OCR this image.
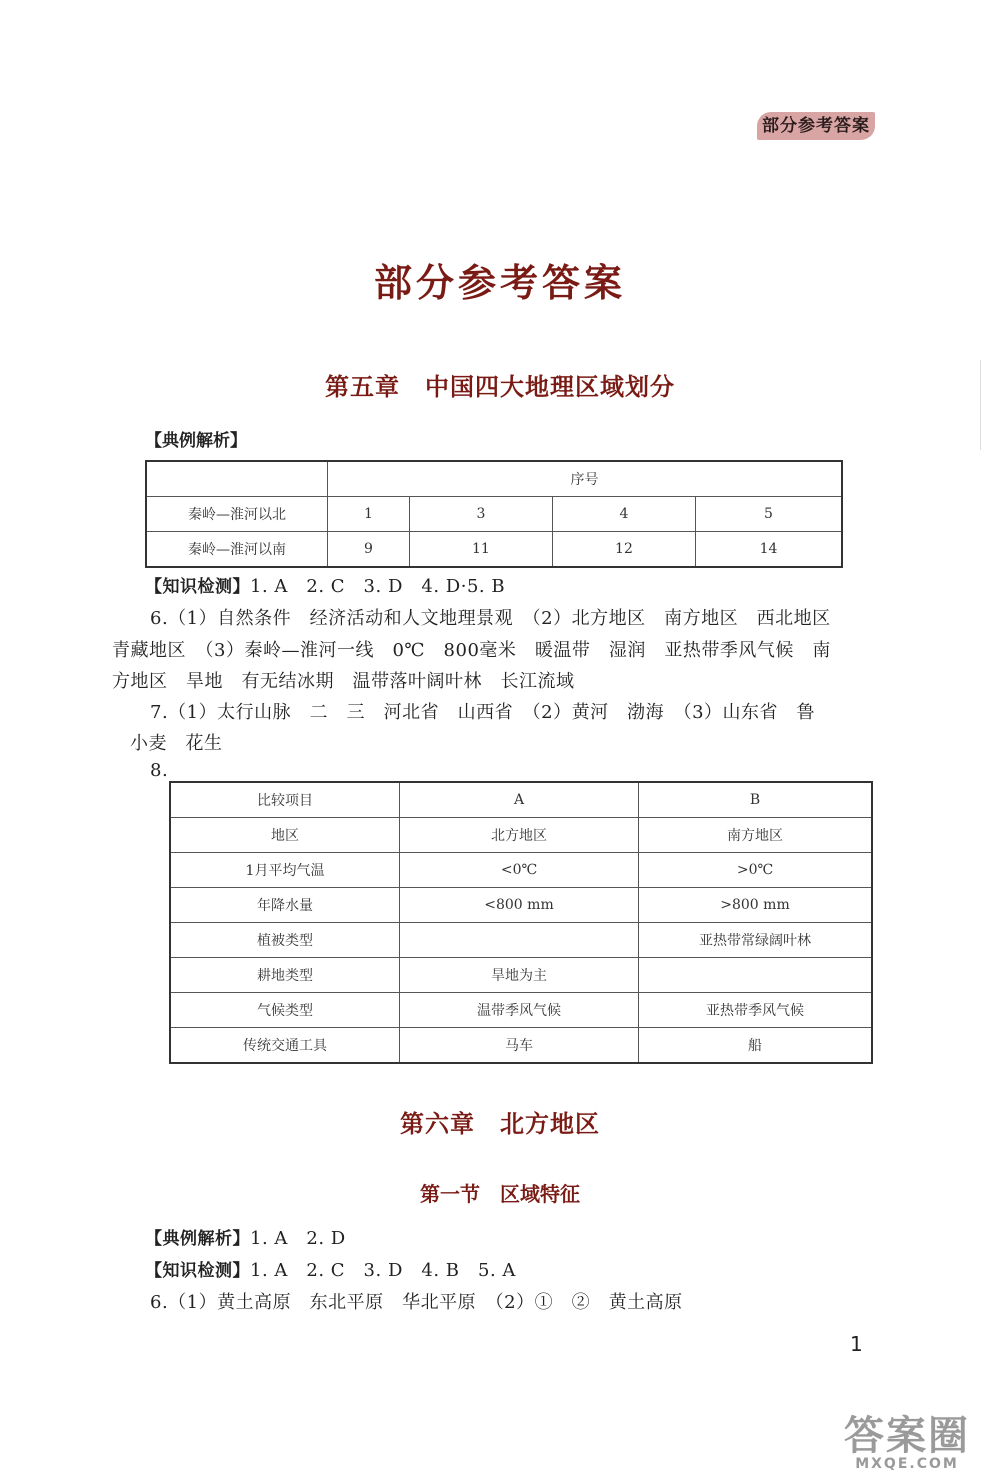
部分参考答案
部分参考答案
第五章　中国四大地理区域划分
【典例解析】
	序号			
秦岭—淮河以北	1	3	4	5
秦岭—淮河以南	9	11	12	14
【知识检测】1. A　2. C　3. D　4. D·5. B
6.（1）自然条件　经济活动和人文地理景观　（2）北方地区　南方地区　西北地区
青藏地区　（3）秦岭—淮河一线　0℃　800毫米　暖温带　湿润　亚热带季风气候　南
方地区　旱地　有无结冰期　温带落叶阔叶林　长江流域
7.（1）太行山脉　二　三　河北省　山西省　（2）黄河　渤海　（3）山东省　鲁
小麦　花生
8.
比较项目	A	B
地区	北方地区	南方地区
1月平均气温	<0℃	>0℃
年降水量	<800 mm	>800 mm
植被类型		亚热带常绿阔叶林
耕地类型	旱地为主	
气候类型	温带季风气候	亚热带季风气候
传统交通工具	马车	船
第六章　北方地区
第一节　区域特征
【典例解析】1. A　2. D
【知识检测】1. A　2. C　3. D　4. B　5. A
6.（1）黄土高原　东北平原　华北平原　（2）①　②　黄土高原
1
答案圈
MXQE.COM
